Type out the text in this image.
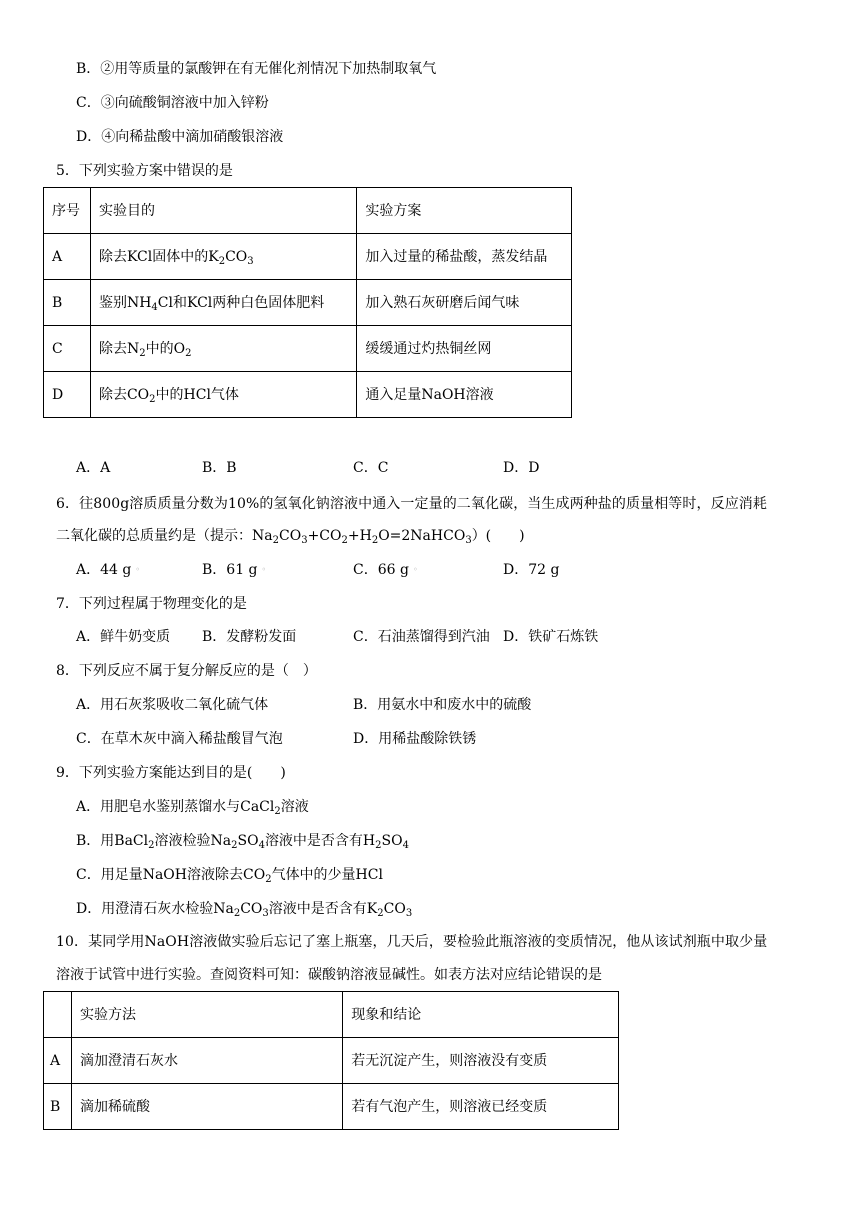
B．②用等质量的氯酸钾在有无催化剂情况下加热制取氧气
C．③向硫酸铜溶液中加入锌粉
D．④向稀盐酸中滴加硝酸银溶液
5．下列实验方案中错误的是
序号	实验目的	实验方案
A	除去KCl固体中的$K_2CO_3$	加入过量的稀盐酸，蒸发结晶
B	鉴别$NH_4Cl$和KCl两种白色固体肥料	加入熟石灰研磨后闻气味
C	除去$N_2$中的$O_2$	缓缓通过灼热铜丝网
D	除去$CO_2$中的HCl气体	通入足量NaOH溶液
A．A	B．B	C．C	D．D
6．往800g溶质质量分数为10%的氢氧化钠溶液中通入一定量的二氧化碳，当生成两种盐的质量相等时，反应消耗
二氧化碳的总质量约是（提示：$Na_2CO_3+CO_2+H_2O=2NaHCO_3$）(　　)
A．44 g ◦	B．61 g ◦	C．66 g ◦	D．72 g
7．下列过程属于物理变化的是
A．鲜牛奶变质 B．发酵粉发面	C．石油蒸馏得到汽油 D．铁矿石炼铁
8．下列反应不属于复分解反应的是（　）
A．用石灰浆吸收二氧化硫气体	B．用氨水中和废水中的硫酸
C．在草木灰中滴入稀盐酸冒气泡	D．用稀盐酸除铁锈
9．下列实验方案能达到目的是(　　)
A．用肥皂水鉴别蒸馏水与CaCl$_2$溶液
B．用BaCl$_2$溶液检验$Na_2SO_4$溶液中是否含有$H_2SO_4$
C．用足量NaOH溶液除去$CO_2$气体中的少量HCl
D．用澄清石灰水检验$Na_2CO_3$溶液中是否含有$K_2CO_3$
10．某同学用NaOH溶液做实验后忘记了塞上瓶塞，几天后，要检验此瓶溶液的变质情况，他从该试剂瓶中取少量
溶液于试管中进行实验。查阅资料可知：碳酸钠溶液显碱性。如表方法对应结论错误的是
	实验方法	现象和结论
A	滴加澄清石灰水	若无沉淀产生，则溶液没有变质
B	滴加稀硫酸	若有气泡产生，则溶液已经变质
